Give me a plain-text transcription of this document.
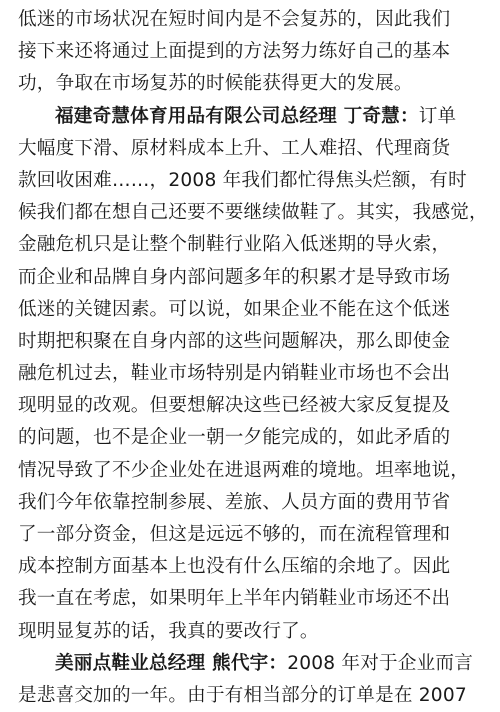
低迷的市场状况在短时间内是不会复苏的，因此我们
接下来还将通过上面提到的方法努力练好自己的基本
功，争取在市场复苏的时候能获得更大的发展。
福建奇慧体育用品有限公司总经理 丁奇慧：订单
大幅度下滑、原材料成本上升、工人难招、代理商货
款回收困难……，2008 年我们都忙得焦头烂额，有时
候我们都在想自己还要不要继续做鞋了。其实，我感觉，
金融危机只是让整个制鞋行业陷入低迷期的导火索，
而企业和品牌自身内部问题多年的积累才是导致市场
低迷的关键因素。可以说，如果企业不能在这个低迷
时期把积聚在自身内部的这些问题解决，那么即使金
融危机过去，鞋业市场特别是内销鞋业市场也不会出
现明显的改观。但要想解决这些已经被大家反复提及
的问题，也不是企业一朝一夕能完成的，如此矛盾的
情况导致了不少企业处在进退两难的境地。坦率地说，
我们今年依靠控制参展、差旅、人员方面的费用节省
了一部分资金，但这是远远不够的，而在流程管理和
成本控制方面基本上也没有什么压缩的余地了。因此
我一直在考虑，如果明年上半年内销鞋业市场还不出
现明显复苏的话，我真的要改行了。
美丽点鞋业总经理 熊代宇：2008 年对于企业而言
是悲喜交加的一年。由于有相当部分的订单是在 2007
